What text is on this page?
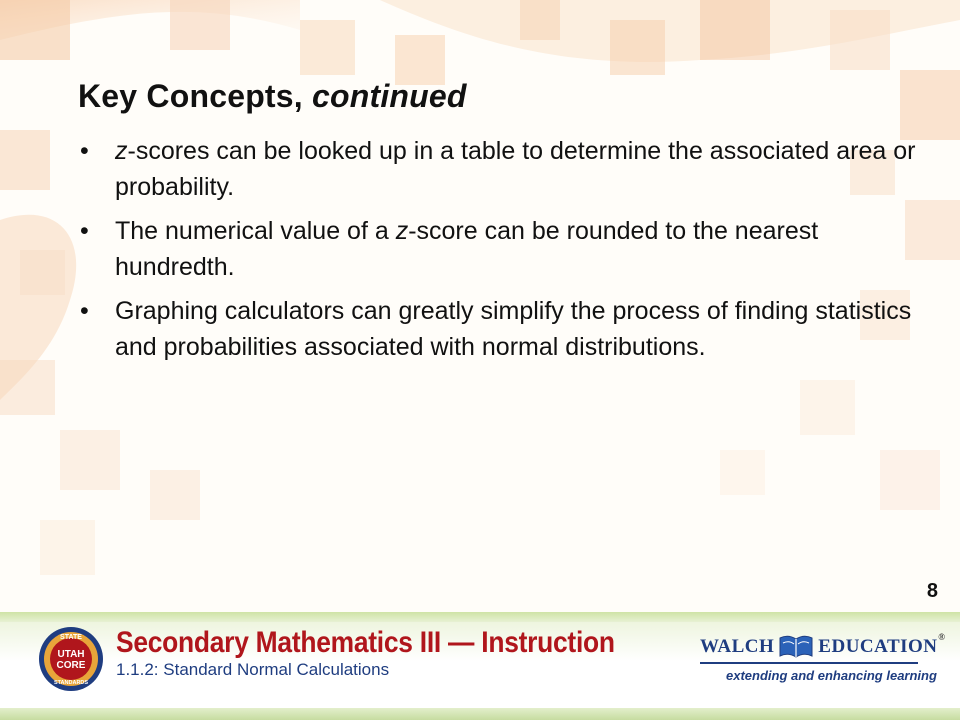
Key Concepts, continued
• z-scores can be looked up in a table to determine the associated area or probability.
• The numerical value of a z-score can be rounded to the nearest hundredth.
• Graphing calculators can greatly simplify the process of finding statistics and probabilities associated with normal distributions.
8
STATE
UTAH
CORE
STANDARDS
Secondary Mathematics III — Instruction
1.1.2: Standard Normal Calculations
WALCH EDUCATION ®
extending and enhancing learning
